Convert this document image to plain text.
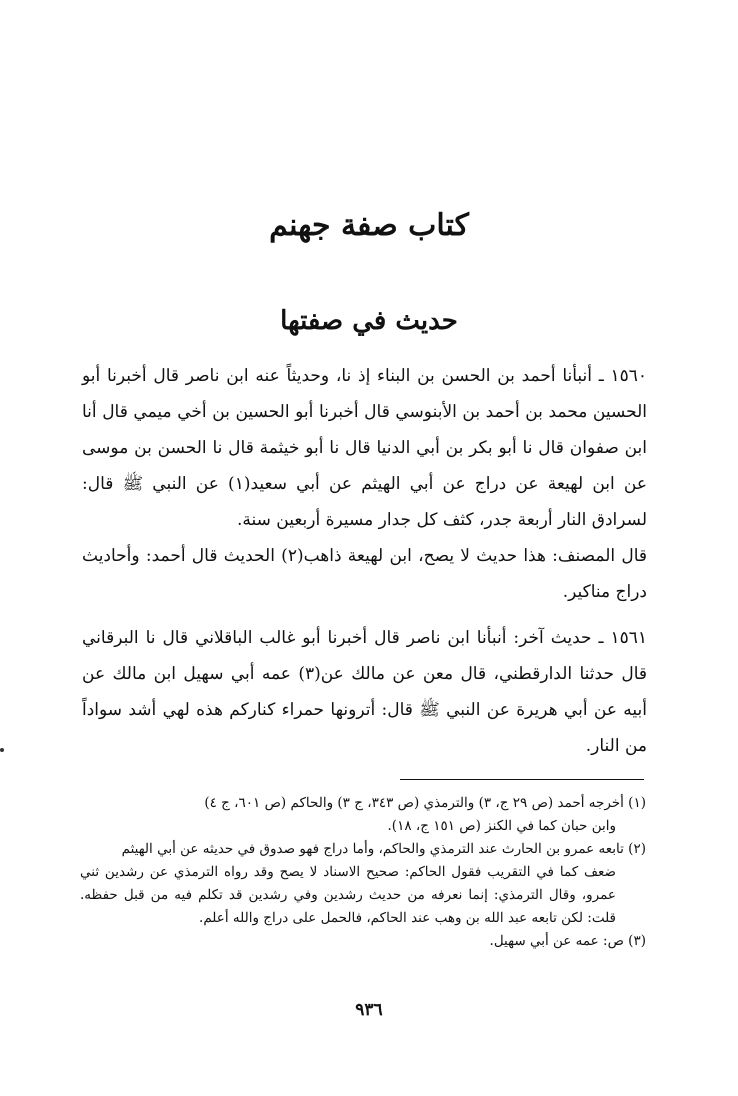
كتاب صفة جهنم
حديث في صفتها
١٥٦٠ ـ أنبأنا أحمد بن الحسن بن البناء إذ نا، وحديثاً عنه ابن ناصر قال أخبرنا أبو الحسين محمد بن أحمد بن الأبنوسي قال أخبرنا أبو الحسين بن أخي ميمي قال أنا ابن صفوان قال نا أبو بكر بن أبي الدنيا قال نا أبو خيثمة قال نا الحسن بن موسى عن ابن لهيعة عن دراج عن أبي الهيثم عن أبي سعيد(١) عن النبي ﷺ قال: لسرادق النار أربعة جدر، كثف كل جدار مسيرة أربعين سنة.
قال المصنف: هذا حديث لا يصح، ابن لهيعة ذاهب(٢) الحديث قال أحمد: وأحاديث دراج مناكير.
١٥٦١ ـ حديث آخر: أنبأنا ابن ناصر قال أخبرنا أبو غالب الباقلاني قال نا البرقاني قال حدثنا الدارقطني، قال معن عن مالك عن(٣) عمه أبي سهيل ابن مالك عن أبيه عن أبي هريرة عن النبي ﷺ قال: أترونها حمراء كناركم هذه لهي أشد سواداً من النار.

(١) أخرجه أحمد (ص ٢٩ ج، ٣) والترمذي (ص ٣٤٣، ج ٣) والحاكم (ص ٦٠١، ج ٤)
وابن حبان كما في الكنز (ص ١٥١ ج، ١٨).

(٢) تابعه عمرو بن الحارث عند الترمذي والحاكم، وأما دراج فهو صدوق في حديثه عن أبي الهيثم
ضعف كما في التقريب فقول الحاكم: صحيح الاسناد لا يصح وقد رواه الترمذي عن رشدين ثني عمرو، وقال الترمذي: إنما نعرفه من حديث رشدين وفي رشدين قد تكلم فيه من قبل حفظه. قلت: لكن تابعه عبد الله بن وهب عند الحاكم، فالحمل على دراج والله أعلم.

(٣) ص: عمه عن أبي سهيل.

٩٣٦
